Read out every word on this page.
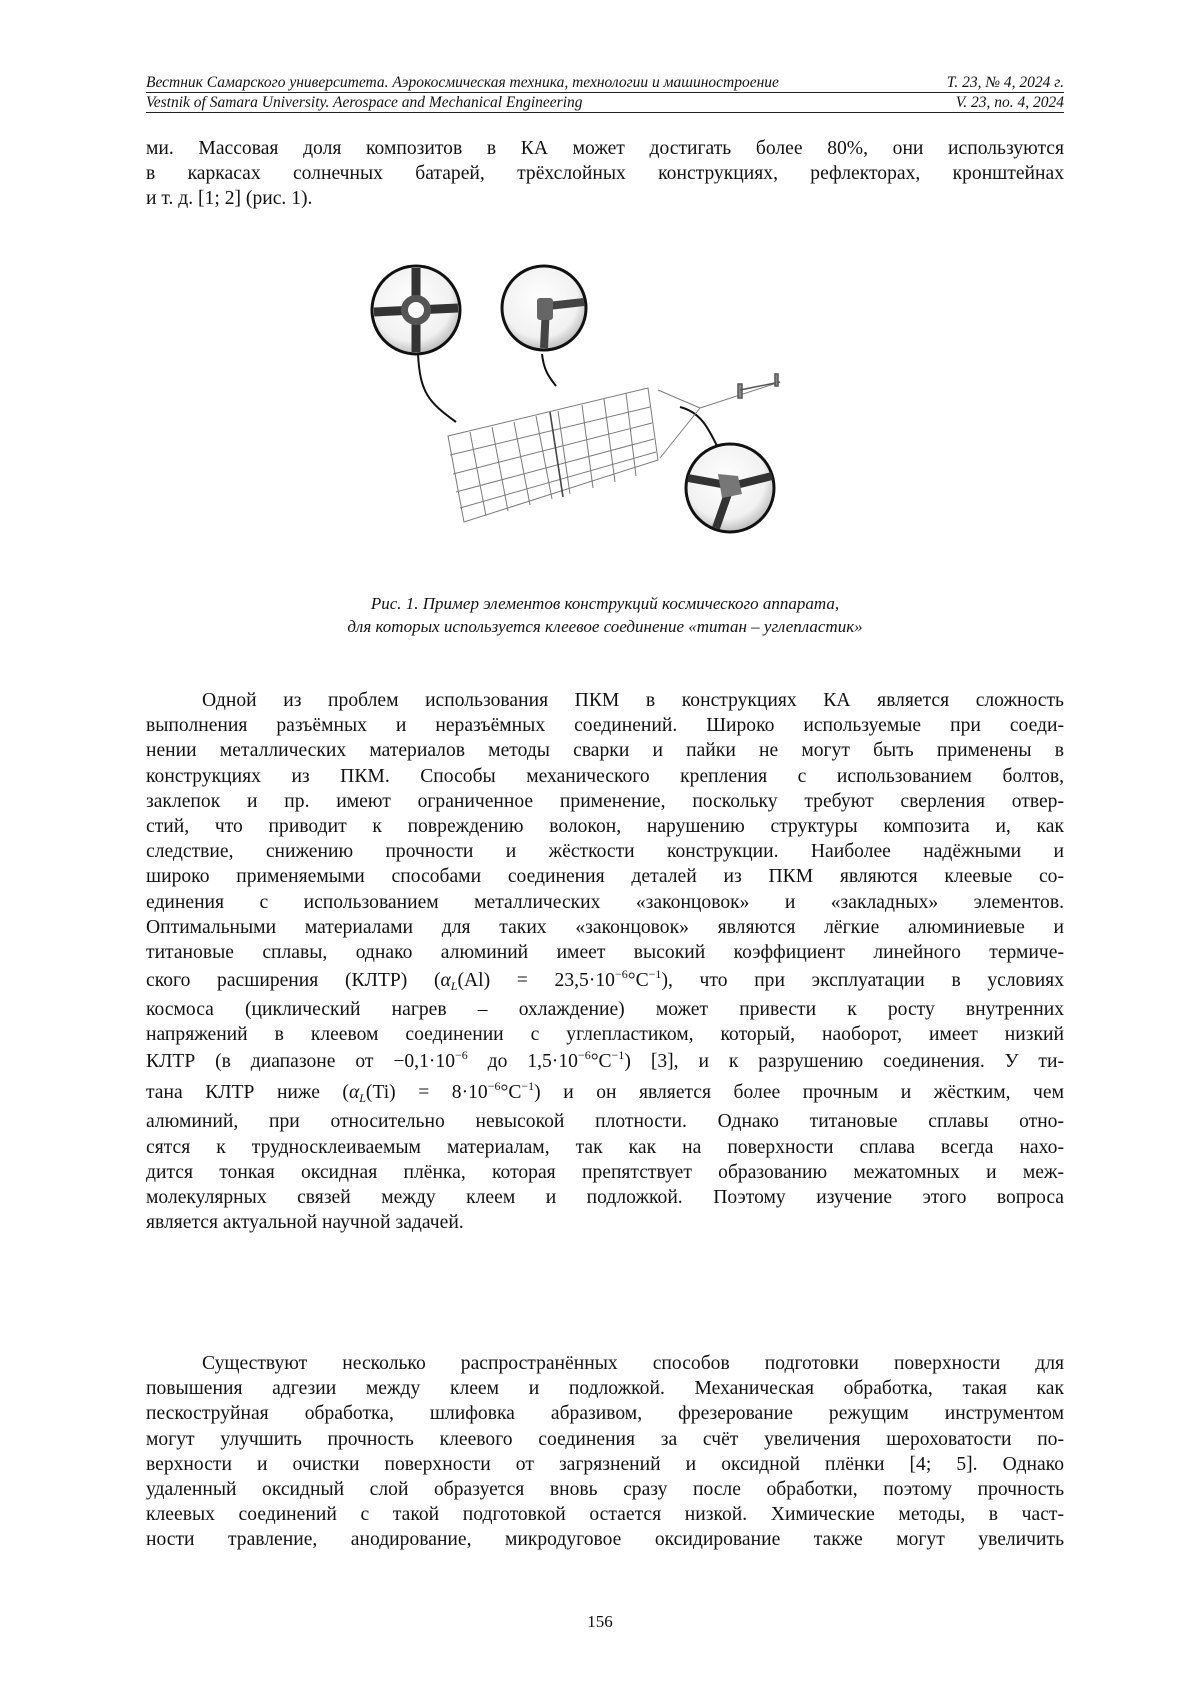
Вестник Самарского университета. Аэрокосмическая техника, технологии и машиностроение	Т. 23, № 4, 2024 г.
Vestnik of Samara University. Aerospace and Mechanical Engineering	V. 23, no. 4, 2024
ми. Массовая доля композитов в КА может достигать более 80%, они используются
в каркасах солнечных батарей, трёхслойных конструкциях, рефлекторах, кронштейнах
и т. д. [1; 2] (рис. 1).
Рис. 1. Пример элементов конструкций космического аппарата,
для которых используется клеевое соединение «титан – углепластик»
Одной из проблем использования ПКМ в конструкциях КА является сложность
выполнения разъёмных и неразъёмных соединений. Широко используемые при соеди-
нении металлических материалов методы сварки и пайки не могут быть применены в
конструкциях из ПКМ. Способы механического крепления с использованием болтов,
заклепок и пр. имеют ограниченное применение, поскольку требуют сверления отвер-
стий, что приводит к повреждению волокон, нарушению структуры композита и, как
следствие, снижению прочности и жёсткости конструкции. Наиболее надёжными и
широко применяемыми способами соединения деталей из ПКМ являются клеевые со-
единения с использованием металлических «законцовок» и «закладных» элементов.
Оптимальными материалами для таких «законцовок» являются лёгкие алюминиевые и
титановые сплавы, однако алюминий имеет высокий коэффициент линейного термиче-
ского расширения (КЛТР) $(\alpha_L(Al) = 23,5\cdot 10^{-6}^\circ C^{-1})$, что при эксплуатации в условиях
космоса (циклический нагрев – охлаждение) может привести к росту внутренних
напряжений в клеевом соединении с углепластиком, который, наоборот, имеет низкий
КЛТР (в диапазоне от $-0,1\cdot 10^{-6}$ до $1,5\cdot 10^{-6}^\circ C^{-1}$) [3], и к разрушению соединения. У ти-
тана КЛТР ниже $(\alpha_L(Ti) = 8\cdot 10^{-6}^\circ C^{-1})$ и он является более прочным и жёстким, чем
алюминий, при относительно невысокой плотности. Однако титановые сплавы отно-
сятся к трудносклеиваемым материалам, так как на поверхности сплава всегда нахо-
дится тонкая оксидная плёнка, которая препятствует образованию межатомных и меж-
молекулярных связей между клеем и подложкой. Поэтому изучение этого вопроса
является актуальной научной задачей.
Существуют несколько распространённых способов подготовки поверхности для
повышения адгезии между клеем и подложкой. Механическая обработка, такая как
пескоструйная обработка, шлифовка абразивом, фрезерование режущим инструментом
могут улучшить прочность клеевого соединения за счёт увеличения шероховатости по-
верхности и очистки поверхности от загрязнений и оксидной плёнки [4; 5]. Однако
удаленный оксидный слой образуется вновь сразу после обработки, поэтому прочность
клеевых соединений с такой подготовкой остается низкой. Химические методы, в част-
ности травление, анодирование, микродуговое оксидирование также могут увеличить
156
